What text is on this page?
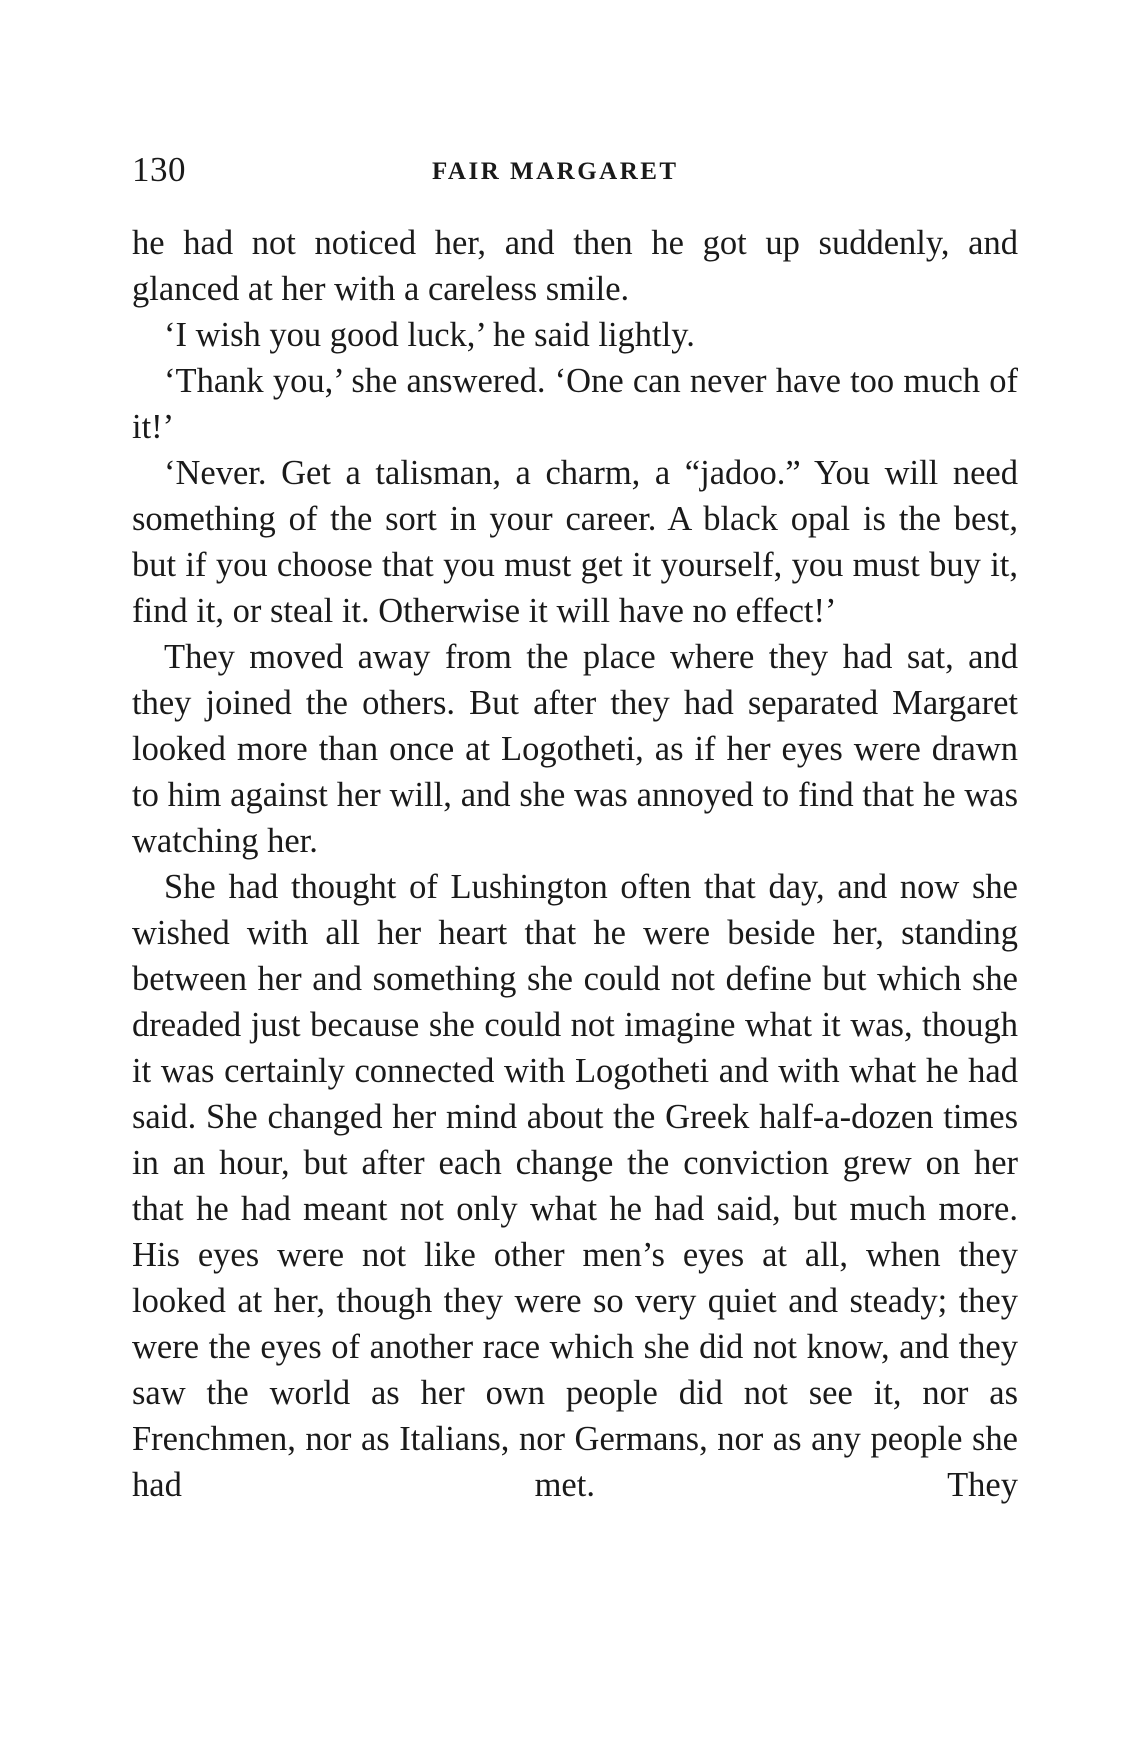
130	FAIR MARGARET

he had not noticed her, and then he got up suddenly, and glanced at her with a careless smile.

‘I wish you good luck,’ he said lightly.

‘Thank you,’ she answered. ‘One can never have too much of it!’

‘Never. Get a talisman, a charm, a “jadoo.” You will need something of the sort in your career. A black opal is the best, but if you choose that you must get it yourself, you must buy it, find it, or steal it. Otherwise it will have no effect!’

They moved away from the place where they had sat, and they joined the others. But after they had separated Margaret looked more than once at Logotheti, as if her eyes were drawn to him against her will, and she was annoyed to find that he was watching her.

She had thought of Lushington often that day, and now she wished with all her heart that he were beside her, standing between her and something she could not define but which she dreaded just because she could not imagine what it was, though it was certainly connected with Logotheti and with what he had said. She changed her mind about the Greek half-a-dozen times in an hour, but after each change the conviction grew on her that he had meant not only what he had said, but much more. His eyes were not like other men’s eyes at all, when they looked at her, though they were so very quiet and steady; they were the eyes of another race which she did not know, and they saw the world as her own people did not see it, nor as Frenchmen, nor as Italians, nor Germans, nor as any people she had met. They
